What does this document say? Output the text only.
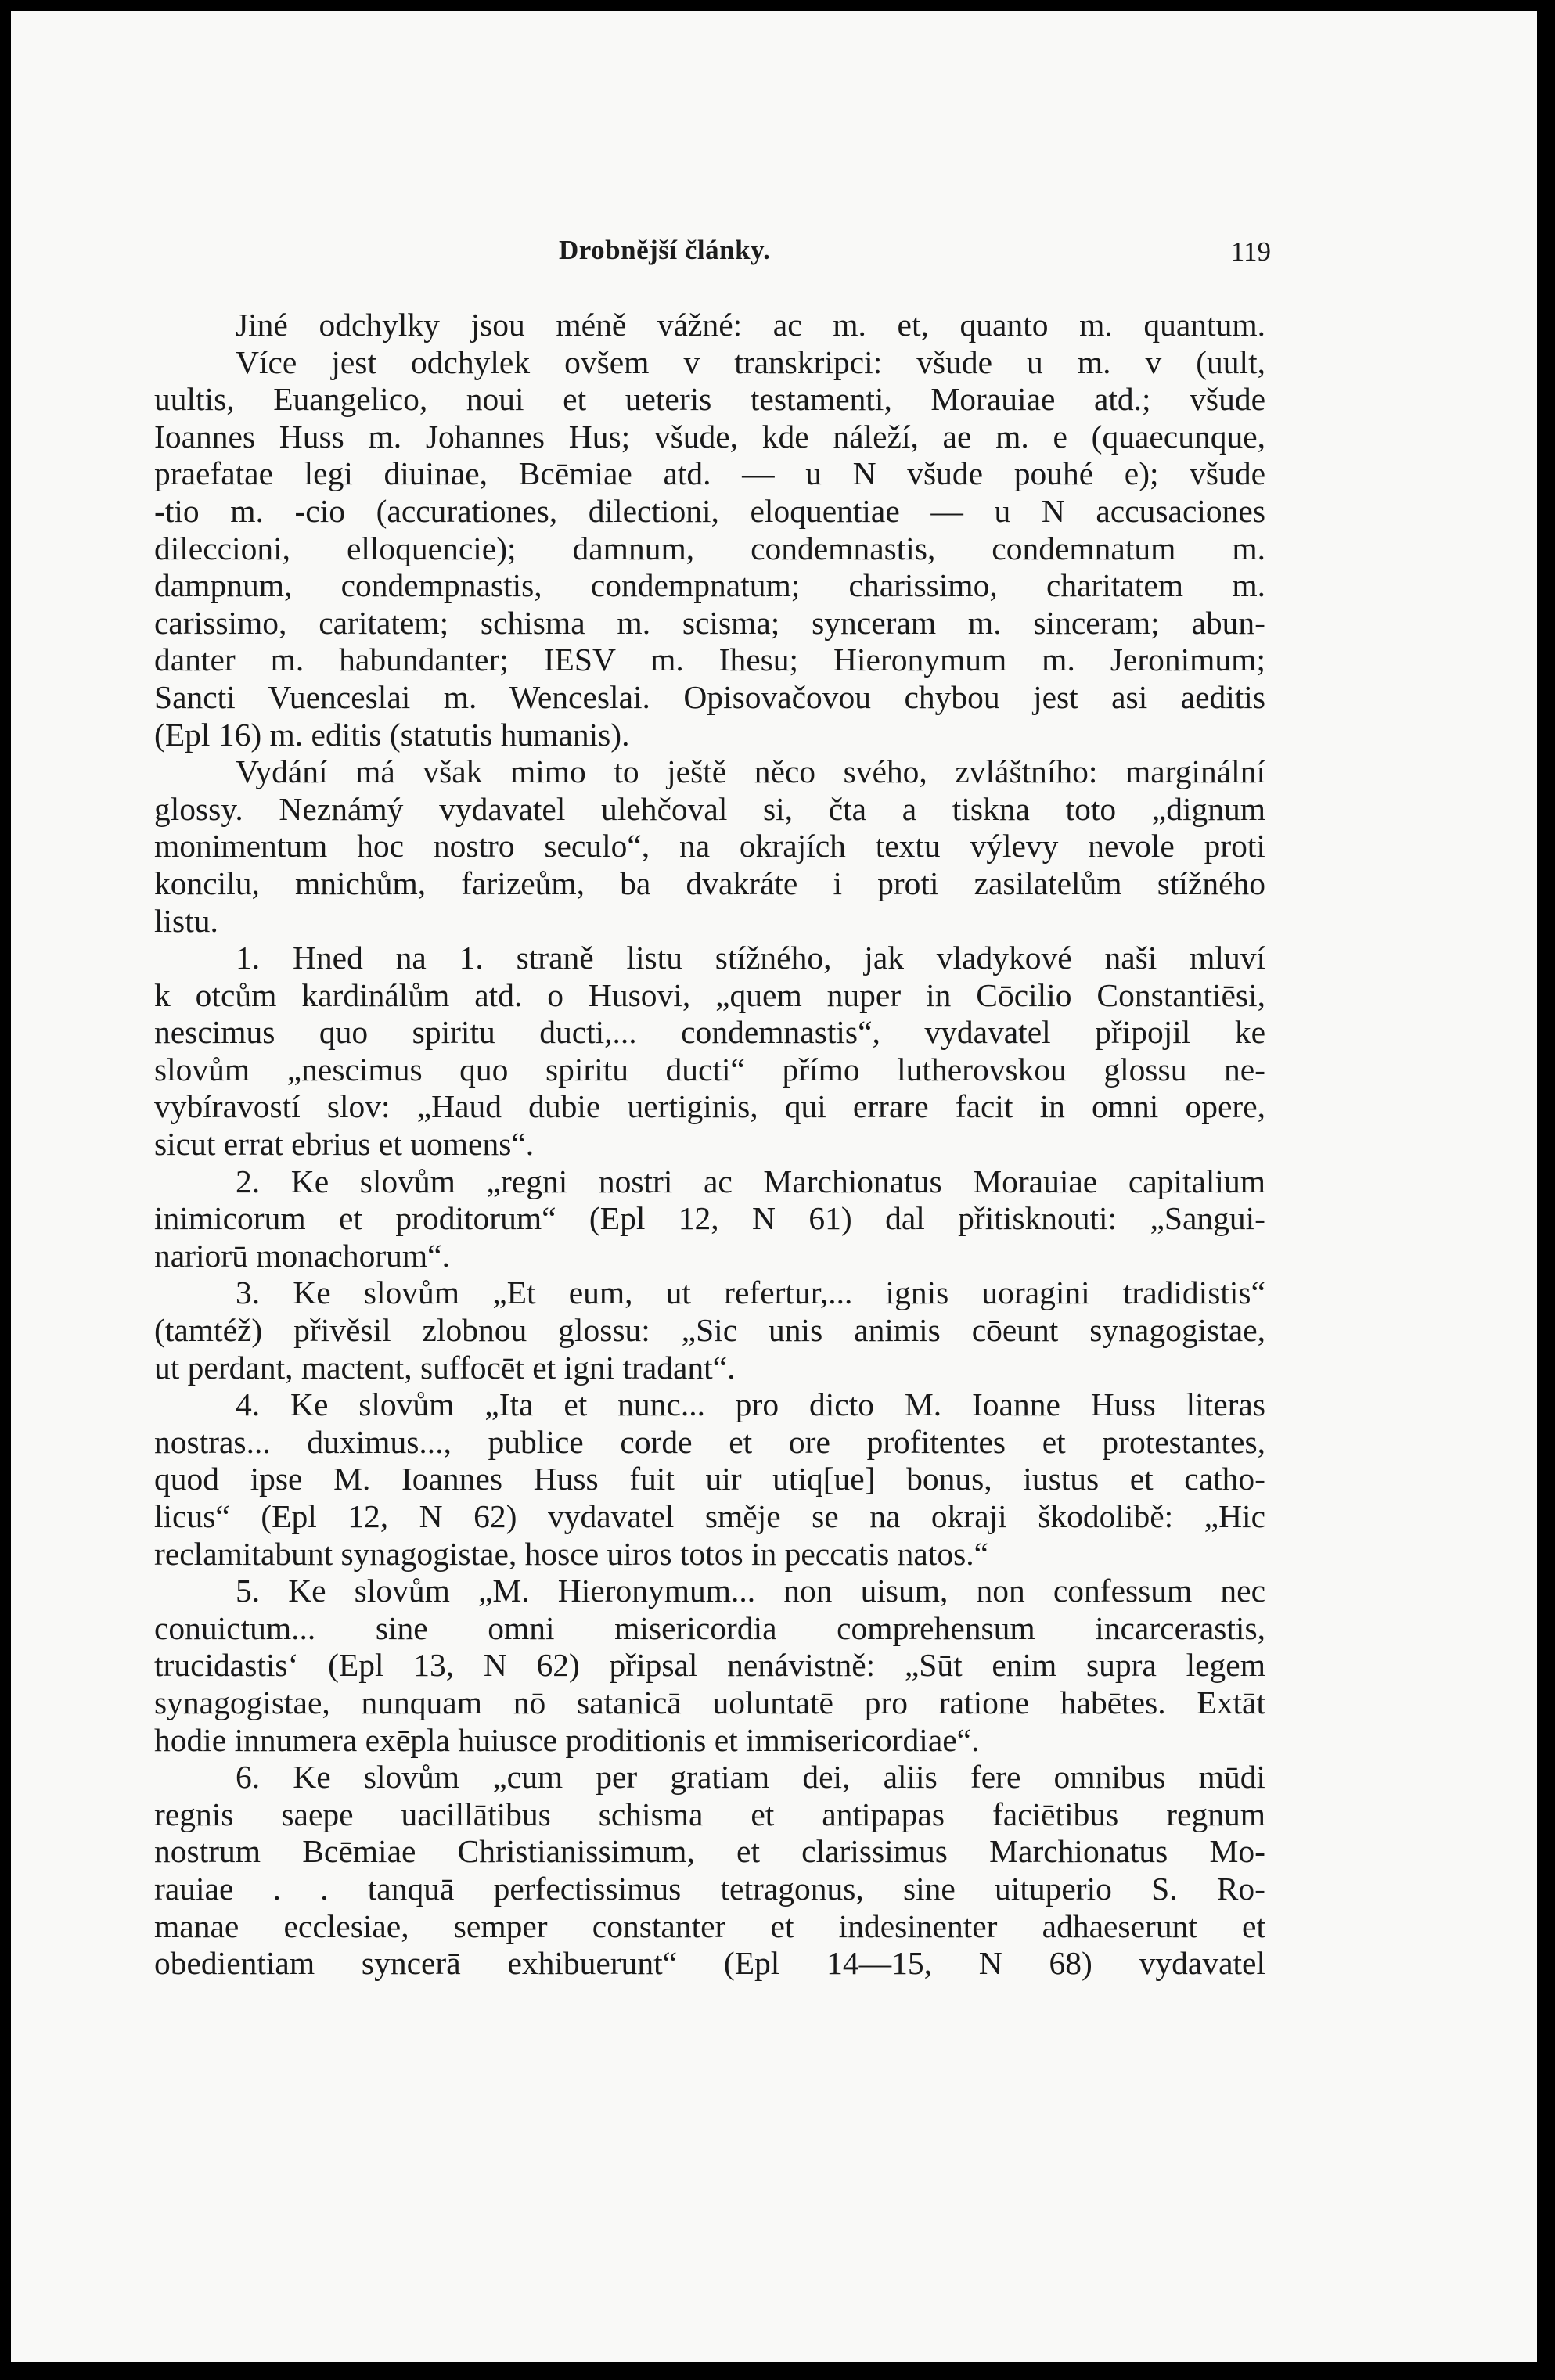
Drobnější články.	119
Jiné odchylky jsou méně vážné: ac m. et, quanto m. quantum.
Více jest odchylek ovšem v transkripci: všude u m. v (uult,
uultis, Euangelico, noui et ueteris testamenti, Morauiae atd.; všude
Ioannes Huss m. Johannes Hus; všude, kde náleží, ae m. e (quaecunque,
praefatae legi diuinae, Bcēmiae atd. — u N všude pouhé e); všude
-tio m. -cio (accurationes, dilectioni, eloquentiae — u N accusaciones
dileccioni, elloquencie); damnum, condemnastis, condemnatum m.
dampnum, condempnastis, condempnatum; charissimo, charitatem m.
carissimo, caritatem; schisma m. scisma; synceram m. sinceram; abun-
danter m. habundanter; IESV m. Ihesu; Hieronymum m. Jeronimum;
Sancti Vuenceslai m. Wenceslai. Opisovačovou chybou jest asi aeditis
(Epl 16) m. editis (statutis humanis).
Vydání má však mimo to ještě něco svého, zvláštního: marginální
glossy. Neznámý vydavatel ulehčoval si, čta a tiskna toto „dignum
monimentum hoc nostro seculo“, na okrajích textu výlevy nevole proti
koncilu, mnichům, farizeům, ba dvakráte i proti zasilatelům stížného
listu.
1. Hned na 1. straně listu stížného, jak vladykové naši mluví
k otcům kardinálům atd. o Husovi, „quem nuper in Cōcilio Constantiēsi,
nescimus quo spiritu ducti,... condemnastis“, vydavatel připojil ke
slovům „nescimus quo spiritu ducti“ přímo lutherovskou glossu ne-
vybíravostí slov: „Haud dubie uertiginis, qui errare facit in omni opere,
sicut errat ebrius et uomens“.
2. Ke slovům „regni nostri ac Marchionatus Morauiae capitalium
inimicorum et proditorum“ (Epl 12, N 61) dal přitisknouti: „Sangui-
nariorū monachorum“.
3. Ke slovům „Et eum, ut refertur,... ignis uoragini tradidistis“
(tamtéž) přivěsil zlobnou glossu: „Sic unis animis cōeunt synagogistae,
ut perdant, mactent, suffocēt et igni tradant“.
4. Ke slovům „Ita et nunc... pro dicto M. Ioanne Huss literas
nostras... duximus..., publice corde et ore profitentes et protestantes,
quod ipse M. Ioannes Huss fuit uir utiq[ue] bonus, iustus et catho-
licus“ (Epl 12, N 62) vydavatel směje se na okraji škodolibě: „Hic
reclamitabunt synagogistae, hosce uiros totos in peccatis natos.“
5. Ke slovům „M. Hieronymum... non uisum, non confessum nec
conuictum... sine omni misericordia comprehensum incarcerastis,
trucidastis‘ (Epl 13, N 62) připsal nenávistně: „Sūt enim supra legem
synagogistae, nunquam nō satanicā uoluntatē pro ratione habētes. Extāt
hodie innumera exēpla huiusce proditionis et immisericordiae“.
6. Ke slovům „cum per gratiam dei, aliis fere omnibus mūdi
regnis saepe uacillātibus schisma et antipapas faciētibus regnum
nostrum Bcēmiae Christianissimum, et clarissimus Marchionatus Mo-
rauiae . . tanquā perfectissimus tetragonus, sine uituperio S. Ro-
manae ecclesiae, semper constanter et indesinenter adhaeserunt et
obedientiam syncerā exhibuerunt“ (Epl 14—15, N 68) vydavatel
